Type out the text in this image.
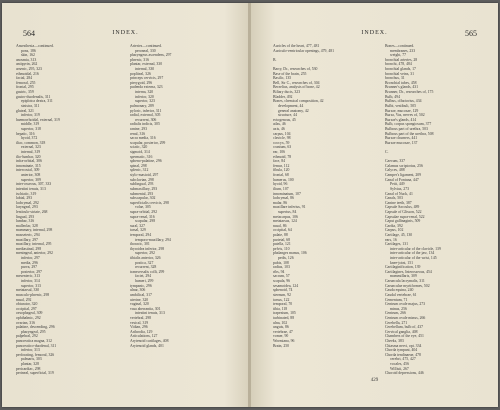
564	INDEX.
Ansesthesia—continued.
pons, 186
skin, 162
anosmia, 313
antipyrin, 262
arsenic, 295, 323
ethmoidal, 216
facial, 284
femoral, 255
frontal, 295
gastric, 359
gastro-duodenalis, 311
epiploica dextra, 311
sinistra, 311
gluteal, 321
inferior, 319
haemorrhoidal, external, 319
middle, 319
superior, 318
hepatic, 316
hyoid, 372
iliac, common, 318
external, 323
internal, 319
ilio-lumbar, 320
infra-orbital, 306
innominate, 315
intercostal, 309
anterior, 308
superior, 309
inter-osseous, 307, 333
intestini tenuis, 313
ischiatic, 319
labial, 293
lachrymal, 292
laryngeal, 293
lenticulo-striate, 268
lingual, 293
lumbar, 316
malleolar, 328
mammary, internal, 298
masseteric, 294
maxillary, 297
maxillary, internal, 295
mediastinal, 298
meningeal, anterior, 292
inferior, 297
media, 296
parva, 297
posterior, 297
mesenteric, 313
inferior, 314
superior, 313
metatarsal, 330
musculo-phrenic, 298
nasal, 292
obturator, 320
occipital, 297
oesophageal, 309
ophthalmic, 292
ovarian, 316
palatine, descending, 296
pharyngeal, 295
palpebral, 292
pancreatica magna, 312
pancreatico-duodenal, 311
inferior, 313
perforating, femoral, 326
palmaris, 303
plantar, 328
pericardiac, 298
perineal, superficial, 319
Arteries—continued.
peroneal, 330
pharyngeus ascendens, 297
phrenic, 316
plantar, external, 330
internal, 330
popliteal, 326
princeps cervicis, 297
pterygoid, 296
pudenda externa, 323
interna, 320
inferior, 320
superior, 323
pulmonary, 289
pyloric, inferior, 311
radial, external, 305
recurrent, 306
radialis indicis, 305
ranine, 293
renal, 316
sacra media, 316
scapular, posterior, 299
sciatic, 320
sigmoid, 314
spermatic, 316
spheno-palatine, 296
spinal, 298
splenic, 312
stylo-mastoid, 297
subclavian, 298
sublingual, 293
submaxillary, 293
submental, 293
subscapular, 302
superficialis cervicis, 298
volae, 305
supra-orbital, 292
supra-renal, 316
scapular, 298
sural, 327
tarsal, 329
temporal, 294
temporo-maxillary, 294
thoracic, 301
thyroidea inferior, 298
superior, 292
tibialis anterior, 326
postica, 327
recurrent, 328
transversalis colli, 299
faciei, 294
humeri, 299
tympanic, 296
ulnar, 306
umbilical, 317
uterine, 320
vaginal, 320
vasa aberrantia, 301
intestini tenuis, 313
vertebral, 298
vesical, 319
Vidian, 296
Arthrodia, 129
Articulations, 127
Arytenoid cartilages, 408
Arytenoid glands, 401
INDEX.	565
Auricles of the heart, 477, 481
Auriculo-ventricular openings, 479, 481
B.
Barry, Dr., researches of, 530
Base of the brain, 255
Basilic, 135
Bell, Sir C., researches of, 304
Berzelius, analysis of bone, 42
Biliary ducts, 323
Bladder, 492
Bones, chemical composition, 42
development, 44
general anatomy, 42
structure, 44
ectogenous, 45
atlas, 46
axis, 46
carpus, 104
clavicle, 98
coccyx, 59
cranium, 63
ear, 106
ethmoid, 78
face, 84
femur, 112
fibula, 120
frontal, 68
humerus, 100
hyoid, 96
ilium, 107
innominatum, 107
lachrymal, 86
malar, 86
maxillare inferius, 91
superius, 84
metacarpus, 106
metatarsus, 124
nasal, 86
occipital, 64
palate, 88
parietal, 68
patella, 121
pelvis, 110
phalanges manus, 106
pedis, 126
pubis, 108
radius, 103
ribs, 94
sacrum, 57
scapula, 96
sesamoidea, 124
sphenoid, 74
sternum, 92
tarsus, 122
temporal, 70
tibia, 118
trapezium, 105
turbinated, 88
ulna, 102
unguis, 86
vertebrae, 47
vomer, 90
Wormiana, 96
Brain, 250
Bones—continued.
membranes, 233
weight, 77
bronchial arteries, 28
bronchi, 478, 484
bronchial glands, 17
bronchial veins, 31
bronchus, 31
Bronchial tubes, 458
Brunner's glands, 431
Brunner, Dr., researches of, 175
Bulb, 494
Bulbus, olfactorius, 434
Bulbi, vestibuli, 505
Bursae, mucosae, 129
Bursa, Vas, nerves of, 502
Bursae's glands, 414
Bulb, corpus spongiosum, 377
Bulbous part of urethra, 503
Bulbous part of the urethra, 508
Bursae churners, 441
Bursae mucosae, 137
C.
Caecum, 337
Calamus scriptorius, 256
Calyces, 488
Camper's ligament, 209
Canal of Fontana, 447
Petit, 449
Sylvius, 273
Canal of Nuck, 41
Canals, 503
Canine teeth, 387
Capsule Sacculus, 489
Capsule of Glisson, 522
Capsulae supra-renal, 522
Caput gallinaginis, 509
Cardia, 392
Carpus, 102
Cartilage, 45, 130
ears, 16
Cartilages, 131
inter-articular of the clavicle, 139
inter-articular of the jaw, 134
inter-articular of the wrist, 145
knee-joint, 151
Cartilaginification, 139
Cartilagines, Interosseous, 454
mammillaris, 309
Caruncula lacrymalis, 311
Carunculae myrtiformes, 502
Cauda equina, 240
Caudal vertebrae, 61
Cementum, 71
Centrum ovale majus, 273
minus, 256
Centrum, 266
Centrum ovale minus, 266
Cerebella, 271
Cerebellum, bulb of, 437
Cervical ganglia, 408
Chambers of the eye, 451
Cheeks, 383
Chiasma nervi, opt. 334
Chorda tympani, 404
Chorda tendinaeae, 478
cerebri, 475, 427
vocales, 456
Willisii, 267
Choroid depressions, 446
429
